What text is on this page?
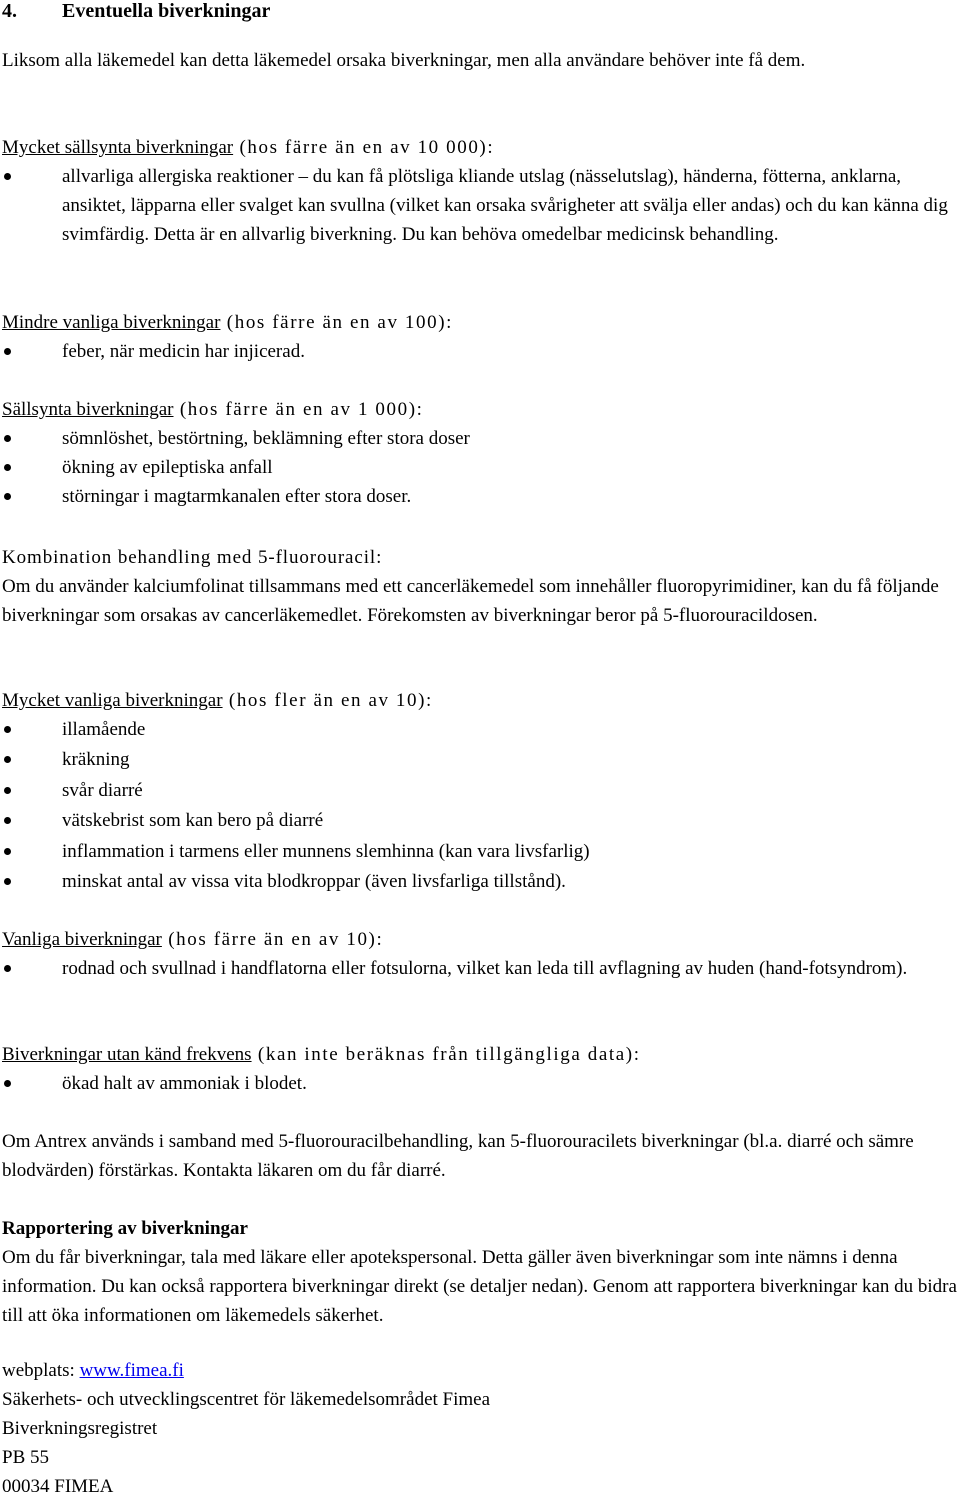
4. Eventuella biverkningar

Liksom alla läkemedel kan detta läkemedel orsaka biverkningar, men alla användare behöver inte få dem.

Mycket sällsynta biverkningar (hos färre än en av 10 000):
allvarliga allergiska reaktioner – du kan få plötsliga kliande utslag (nässelutslag), händerna, fötterna, anklarna, ansiktet, läpparna eller svalget kan svullna (vilket kan orsaka svårigheter att svälja eller andas) och du kan känna dig svimfärdig. Detta är en allvarlig biverkning. Du kan behöva omedelbar medicinsk behandling.
Mindre vanliga biverkningar (hos färre än en av 100):
feber, när medicin har injicerad.
Sällsynta biverkningar (hos färre än en av 1 000):
sömnlöshet, bestörtning, beklämning efter stora doser
ökning av epileptiska anfall
störningar i magtarmkanalen efter stora doser.
Kombination behandling med 5-fluorouracil:
Om du använder kalciumfolinat tillsammans med ett cancerläkemedel som innehåller fluoropyrimidiner, kan du få följande biverkningar som orsakas av cancerläkemedlet. Förekomsten av biverkningar beror på 5-fluorouracildosen.
Mycket vanliga biverkningar (hos fler än en av 10):
illamående
kräkning
svår diarré
vätskebrist som kan bero på diarré
inflammation i tarmens eller munnens slemhinna (kan vara livsfarlig)
minskat antal av vissa vita blodkroppar (även livsfarliga tillstånd).
Vanliga biverkningar (hos färre än en av 10):
rodnad och svullnad i handflatorna eller fotsulorna, vilket kan leda till avflagning av huden (hand-fotsyndrom).
Biverkningar utan känd frekvens (kan inte beräknas från tillgängliga data):
ökad halt av ammoniak i blodet.

Om Antrex används i samband med 5-fluorouracilbehandling, kan 5-fluorouracilets biverkningar (bl.a. diarré och sämre blodvärden) förstärkas. Kontakta läkaren om du får diarré.

Rapportering av biverkningar
Om du får biverkningar, tala med läkare eller apotekspersonal. Detta gäller även biverkningar som inte nämns i denna information. Du kan också rapportera biverkningar direkt (se detaljer nedan). Genom att rapportera biverkningar kan du bidra till att öka informationen om läkemedels säkerhet.
webplats: www.fimea.fi
Säkerhets- och utvecklingscentret för läkemedelsområdet Fimea
Biverkningsregistret
PB 55
00034 FIMEA
